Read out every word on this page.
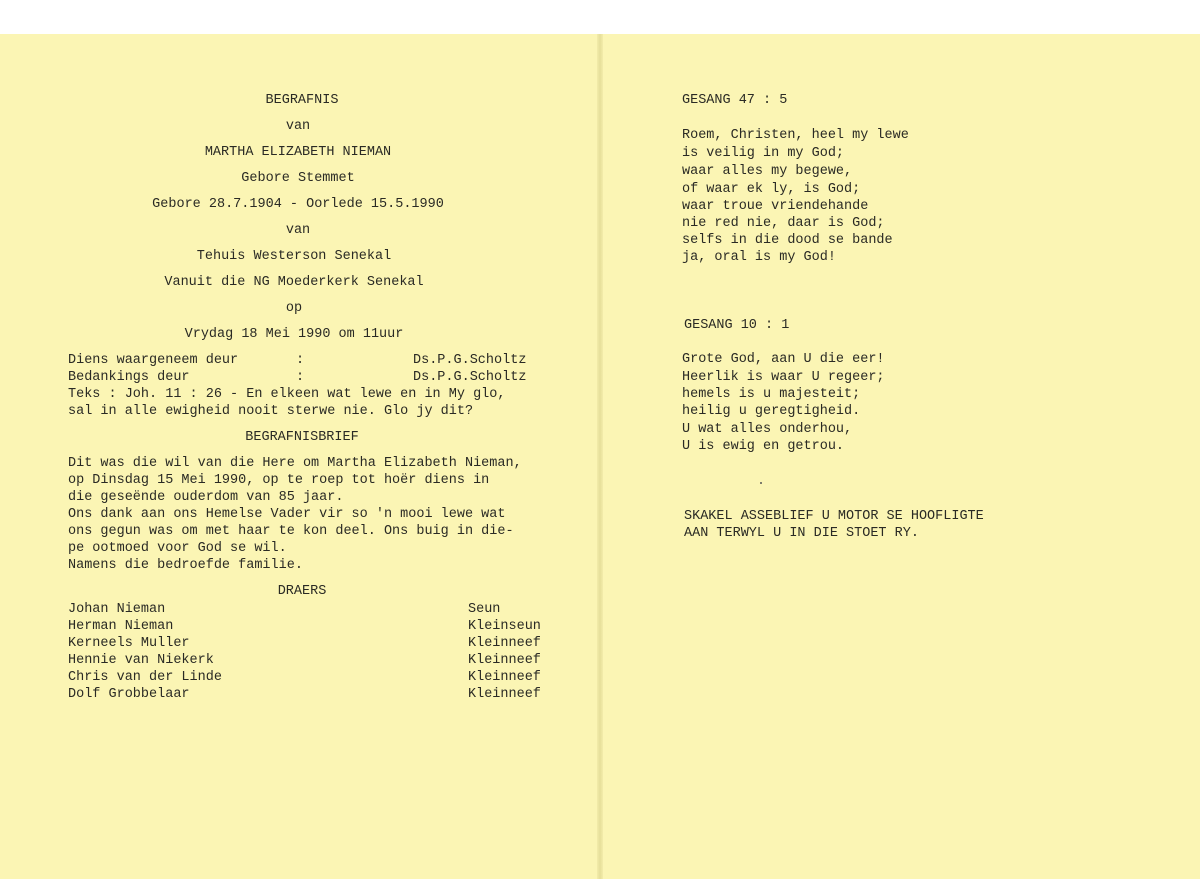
BEGRAFNIS
van
MARTHA ELIZABETH NIEMAN
Gebore Stemmet
Gebore 28.7.1904 - Oorlede 15.5.1990
van
Tehuis Westerson Senekal
Vanuit die NG Moederkerk Senekal
op
Vrydag 18 Mei 1990 om 11uur
Diens waargeneem deur	:	Ds.P.G.Scholtz
Bedankings deur	:	Ds.P.G.Scholtz
Teks : Joh. 11 : 26 - En elkeen wat lewe en in My glo,
sal in alle ewigheid nooit sterwe nie. Glo jy dit?
BEGRAFNISBRIEF
Dit was die wil van die Here om Martha Elizabeth Nieman,
op Dinsdag 15 Mei 1990, op te roep tot hoër diens in
die geseënde ouderdom van 85 jaar.
Ons dank aan ons Hemelse Vader vir so 'n mooi lewe wat
ons gegun was om met haar te kon deel. Ons buig in die-
pe ootmoed voor God se wil.
Namens die bedroefde familie.
DRAERS
Johan Nieman	Seun
Herman Nieman	Kleinseun
Kerneels Muller	Kleinneef
Hennie van Niekerk	Kleinneef
Chris van der Linde	Kleinneef
Dolf Grobbelaar	Kleinneef
GESANG 47 : 5
Roem, Christen, heel my lewe
is veilig in my God;
waar alles my begewe,
of waar ek ly, is God;
waar troue vriendehande
nie red nie, daar is God;
selfs in die dood se bande
ja, oral is my God!
GESANG 10 : 1
Grote God, aan U die eer!
Heerlik is waar U regeer;
hemels is u majesteit;
heilig u geregtigheid.
U wat alles onderhou,
U is ewig en getrou.
SKAKEL ASSEBLIEF U MOTOR SE HOOFLIGTE
AAN TERWYL U IN DIE STOET RY.
